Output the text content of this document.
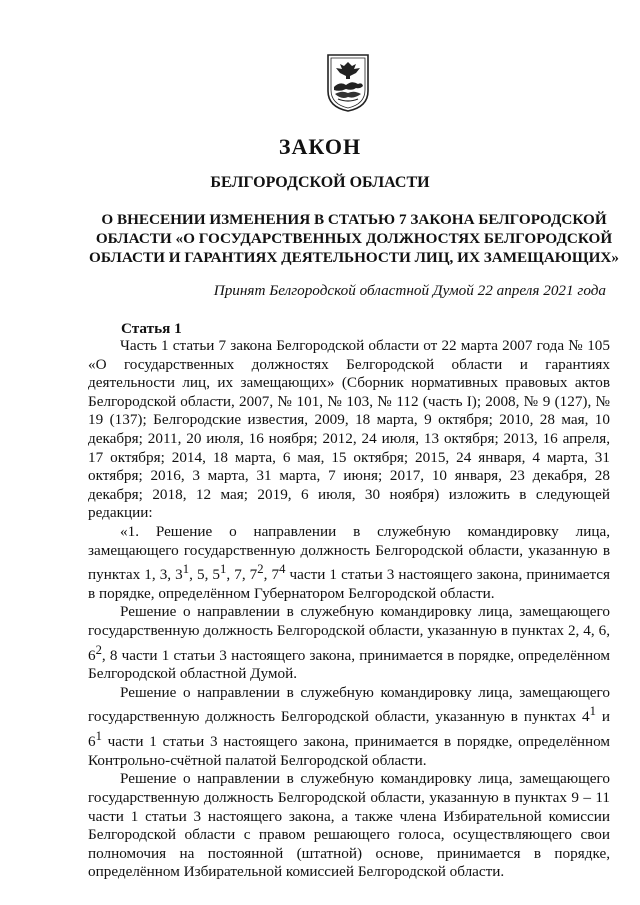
ЗАКОН
БЕЛГОРОДСКОЙ ОБЛАСТИ
О ВНЕСЕНИИ ИЗМЕНЕНИЯ В СТАТЬЮ 7 ЗАКОНА БЕЛГОРОДСКОЙ ОБЛАСТИ «О ГОСУДАРСТВЕННЫХ ДОЛЖНОСТЯХ БЕЛГОРОДСКОЙ ОБЛАСТИ И ГАРАНТИЯХ ДЕЯТЕЛЬНОСТИ ЛИЦ, ИХ ЗАМЕЩАЮЩИХ»
Принят Белгородской областной Думой 22 апреля 2021 года
Статья 1

Часть 1 статьи 7 закона Белгородской области от 22 марта 2007 года № 105 «О государственных должностях Белгородской области и гарантиях деятельности лиц, их замещающих» (Сборник нормативных правовых актов Белгородской области, 2007, № 101, № 103, № 112 (часть I); 2008, № 9 (127), № 19 (137); Белгородские известия, 2009, 18 марта, 9 октября; 2010, 28 мая, 10 декабря; 2011, 20 июля, 16 ноября; 2012, 24 июля, 13 октября; 2013, 16 апреля, 17 октября; 2014, 18 марта, 6 мая, 15 октября; 2015, 24 января, 4 марта, 31 октября; 2016, 3 марта, 31 марта, 7 июня; 2017, 10 января, 23 декабря, 28 декабря; 2018, 12 мая; 2019, 6 июля, 30 ноября) изложить в следующей редакции:

«1. Решение о направлении в служебную командировку лица, замещающего государственную должность Белгородской области, указанную в пунктах 1, 3, $3^1$, 5, $5^1$, 7, $7^2$, $7^4$ части 1 статьи 3 настоящего закона, принимается в порядке, определённом Губернатором Белгородской области.

Решение о направлении в служебную командировку лица, замещающего государственную должность Белгородской области, указанную в пунктах 2, 4, 6, $6^2$, 8 части 1 статьи 3 настоящего закона, принимается в порядке, определённом Белгородской областной Думой.

Решение о направлении в служебную командировку лица, замещающего государственную должность Белгородской области, указанную в пунктах $4^1$ и $6^1$ части 1 статьи 3 настоящего закона, принимается в порядке, определённом Контрольно-счётной палатой Белгородской области.

Решение о направлении в служебную командировку лица, замещающего государственную должность Белгородской области, указанную в пунктах 9 – 11 части 1 статьи 3 настоящего закона, а также члена Избирательной комиссии Белгородской области с правом решающего голоса, осуществляющего свои полномочия на постоянной (штатной) основе, принимается в порядке, определённом Избирательной комиссией Белгородской области.
